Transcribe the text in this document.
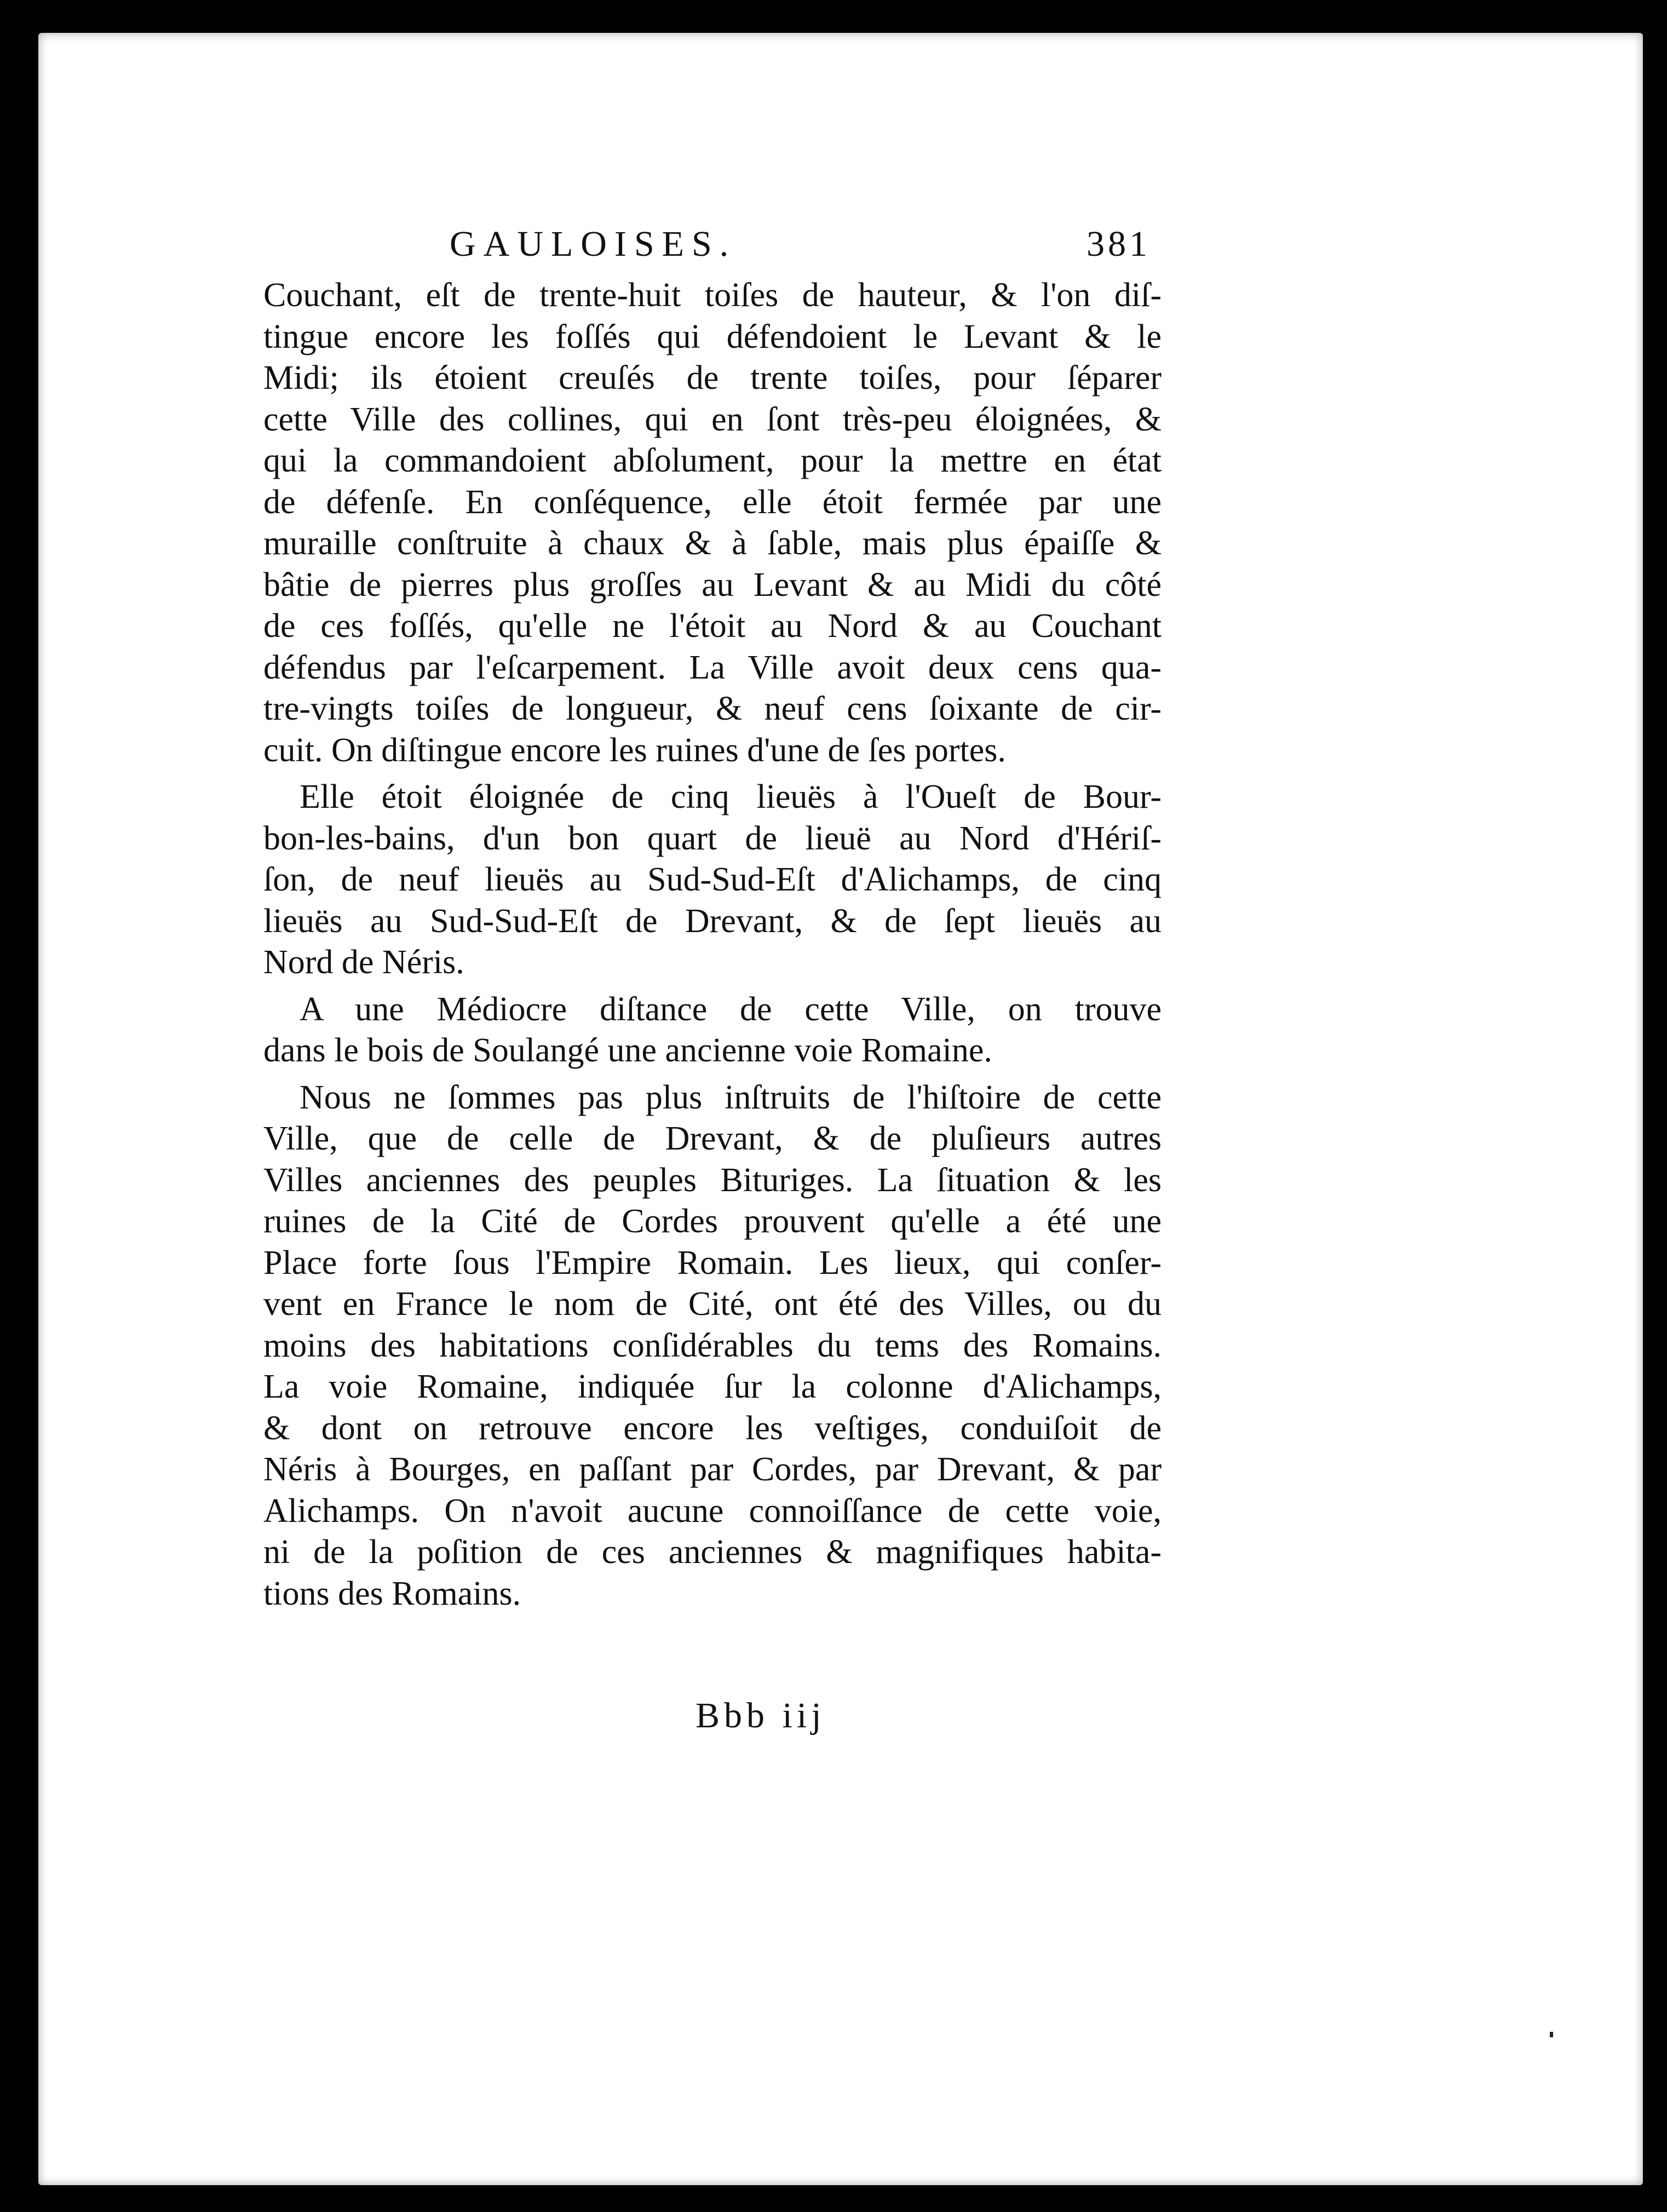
GAULOISES.	381
Couchant, eſt de trente-huit toiſes de hauteur, & l'on diſ-
tingue encore les foſſés qui défendoient le Levant & le
Midi; ils étoient creuſés de trente toiſes, pour ſéparer
cette Ville des collines, qui en ſont très-peu éloignées, &
qui la commandoient abſolument, pour la mettre en état
de défenſe. En conſéquence, elle étoit fermée par une
muraille conſtruite à chaux & à ſable, mais plus épaiſſe &
bâtie de pierres plus groſſes au Levant & au Midi du côté
de ces foſſés, qu'elle ne l'étoit au Nord & au Couchant
défendus par l'eſcarpement. La Ville avoit deux cens qua-
tre-vingts toiſes de longueur, & neuf cens ſoixante de cir-
cuit. On diſtingue encore les ruines d'une de ſes portes.
Elle étoit éloignée de cinq lieuës à l'Oueſt de Bour-
bon-les-bains, d'un bon quart de lieuë au Nord d'Hériſ-
ſon, de neuf lieuës au Sud-Sud-Eſt d'Alichamps, de cinq
lieuës au Sud-Sud-Eſt de Drevant, & de ſept lieuës au
Nord de Néris.
A une Médiocre diſtance de cette Ville, on trouve
dans le bois de Soulangé une ancienne voie Romaine.
Nous ne ſommes pas plus inſtruits de l'hiſtoire de cette
Ville, que de celle de Drevant, & de pluſieurs autres
Villes anciennes des peuples Bituriges. La ſituation & les
ruines de la Cité de Cordes prouvent qu'elle a été une
Place forte ſous l'Empire Romain. Les lieux, qui conſer-
vent en France le nom de Cité, ont été des Villes, ou du
moins des habitations conſidérables du tems des Romains.
La voie Romaine, indiquée ſur la colonne d'Alichamps,
& dont on retrouve encore les veſtiges, conduiſoit de
Néris à Bourges, en paſſant par Cordes, par Drevant, & par
Alichamps. On n'avoit aucune connoiſſance de cette voie,
ni de la poſition de ces anciennes & magnifiques habita-
tions des Romains.
Bbb iij
